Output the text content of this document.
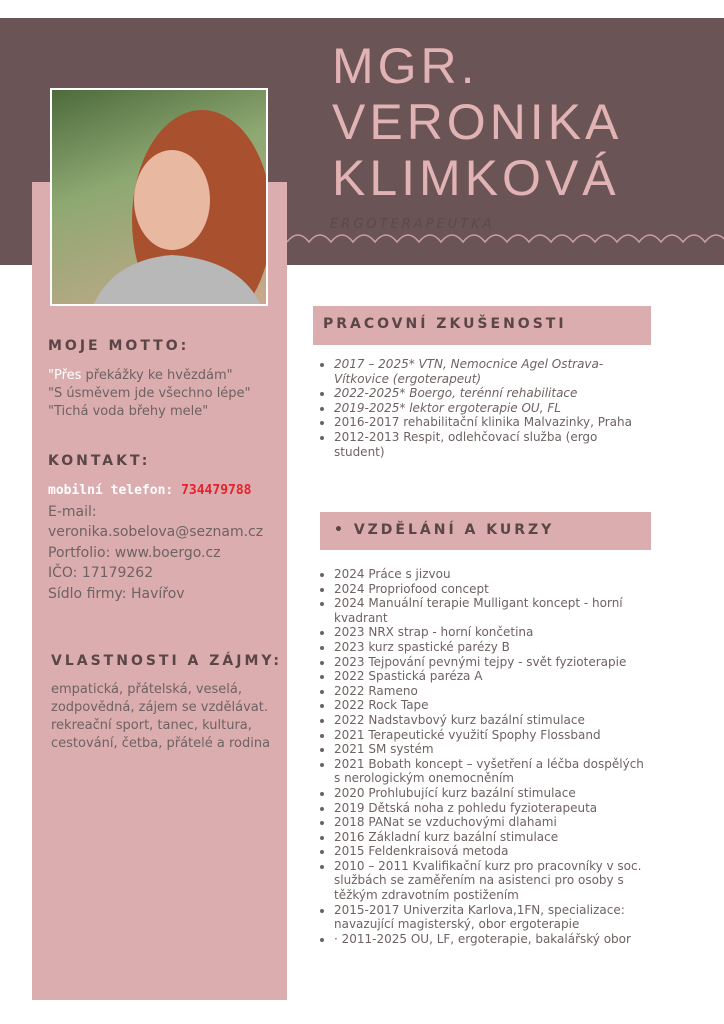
MGR.
VERONIKA
KLIMKOVÁ
ERGOTERAPEUTKA
MOJE MOTTO:
"Přes překážky ke hvězdám"
"S úsměvem jde všechno lépe"
"Tichá voda břehy mele"
KONTAKT:
mobilní telefon: 734479788
E-mail:
veronika.sobelova@seznam.cz
Portfolio: www.boergo.cz
IČO: 17179262
Sídlo firmy: Havířov
VLASTNOSTI A ZÁJMY:
empatická, přátelská, veselá, zodpovědná, zájem se vzdělávat.
rekreační sport, tanec, kultura, cestování, četba, přátelé a rodina
PRACOVNÍ ZKUŠENOSTI
• 2017 – 2025* VTN, Nemocnice Agel Ostrava-Vítkovice (ergoterapeut)
• 2022-2025* Boergo, terénní rehabilitace
• 2019-2025* lektor ergoterapie OU, FL
• 2016-2017 rehabilitační klinika Malvazinky, Praha
• 2012-2013 Respit, odlehčovací služba (ergo student)
• VZDĚLÁNÍ A KURZY
• 2024 Práce s jizvou
• 2024 Propriofood concept
• 2024 Manuální terapie Mulligant koncept - horní kvadrant
• 2023 NRX strap - horní končetina
• 2023 kurz spastické parézy B
• 2023 Tejpování pevnými tejpy - svět fyzioterapie
• 2022 Spastická paréza A
• 2022 Rameno
• 2022 Rock Tape
• 2022 Nadstavbový kurz bazální stimulace
• 2021 Terapeutické využití Spophy Flossband
• 2021 SM systém
• 2021 Bobath koncept – vyšetření a léčba dospělých s nerologickým onemocněním
• 2020 Prohlubující kurz bazální stimulace
• 2019 Dětská noha z pohledu fyzioterapeuta
• 2018 PANat se vzduchovými dlahami
• 2016 Základní kurz bazální stimulace
• 2015 Feldenkraisová metoda
• 2010 – 2011 Kvalifikační kurz pro pracovníky v soc. službách se zaměřením na asistenci pro osoby s těžkým zdravotním postižením
• 2015-2017 Univerzita Karlova,1FN, specializace: navazující magisterský, obor ergoterapie
• · 2011-2025 OU, LF, ergoterapie, bakalářský obor
